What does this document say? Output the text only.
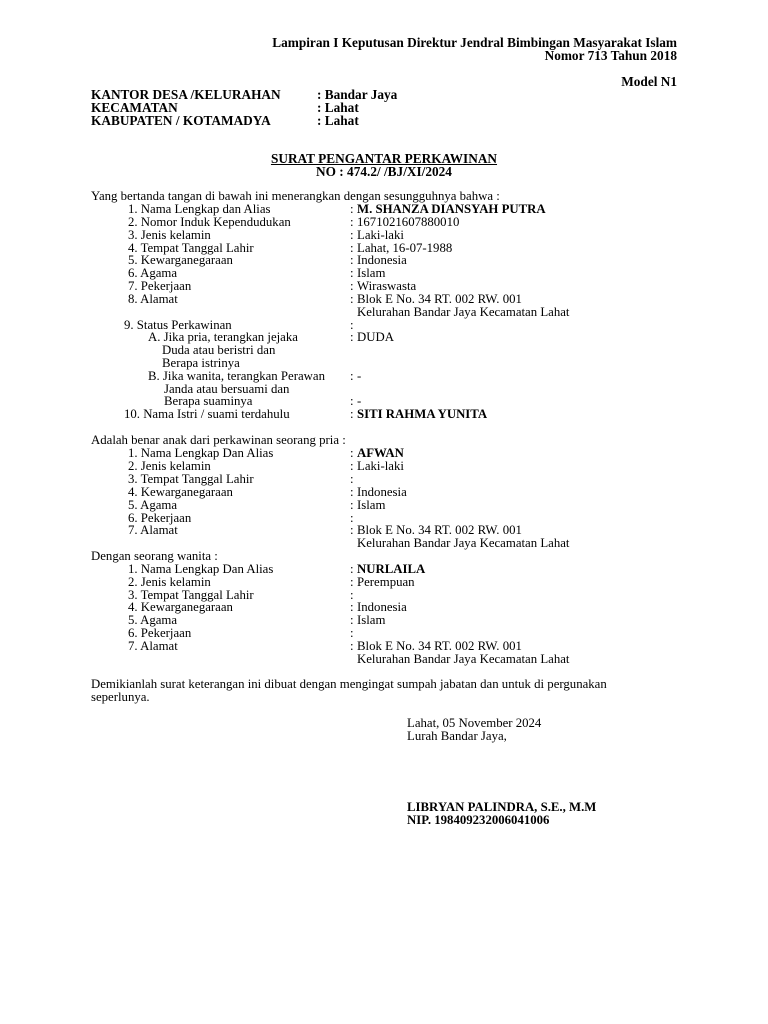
Lampiran I Keputusan Direktur Jendral Bimbingan Masyarakat Islam
Nomor 713 Tahun 2018
Model N1
KANTOR DESA /KELURAHAN	: Bandar Jaya
KECAMATAN	: Lahat
KABUPATEN / KOTAMADYA	: Lahat
SURAT PENGANTAR PERKAWINAN
NO : 474.2/ /BJ/XI/2024
Yang bertanda tangan di bawah ini menerangkan dengan sesungguhnya bahwa :
1. Nama Lengkap dan Alias	: M. SHANZA DIANSYAH PUTRA
2. Nomor Induk Kependudukan	: 1671021607880010
3. Jenis kelamin	: Laki-laki
4. Tempat Tanggal Lahir	: Lahat, 16-07-1988
5. Kewarganegaraan	: Indonesia
6. Agama	: Islam
7. Pekerjaan	: Wiraswasta
8. Alamat	: Blok E No. 34 RT. 002 RW. 001
Kelurahan Bandar Jaya Kecamatan Lahat
9. Status Perkawinan	:
A. Jika pria, terangkan jejaka	: DUDA
Duda atau beristri dan
Berapa istrinya
B. Jika wanita, terangkan Perawan : -
Janda atau bersuami dan
Berapa suaminya	: -
10. Nama Istri / suami terdahulu	: SITI RAHMA YUNITA
Adalah benar anak dari perkawinan seorang pria :
1. Nama Lengkap Dan Alias	: AFWAN
2. Jenis kelamin	: Laki-laki
3. Tempat Tanggal Lahir	:
4. Kewarganegaraan	: Indonesia
5. Agama	: Islam
6. Pekerjaan	:
7. Alamat	: Blok E No. 34 RT. 002 RW. 001
Kelurahan Bandar Jaya Kecamatan Lahat
Dengan seorang wanita :
1. Nama Lengkap Dan Alias	: NURLAILA
2. Jenis kelamin	: Perempuan
3. Tempat Tanggal Lahir	:
4. Kewarganegaraan	: Indonesia
5. Agama	: Islam
6. Pekerjaan	:
7. Alamat	: Blok E No. 34 RT. 002 RW. 001
Kelurahan Bandar Jaya Kecamatan Lahat
Demikianlah surat keterangan ini dibuat dengan mengingat sumpah jabatan dan untuk di pergunakan
seperlunya.
Lahat, 05 November 2024
Lurah Bandar Jaya,
LIBRYAN PALINDRA, S.E., M.M
NIP. 198409232006041006
